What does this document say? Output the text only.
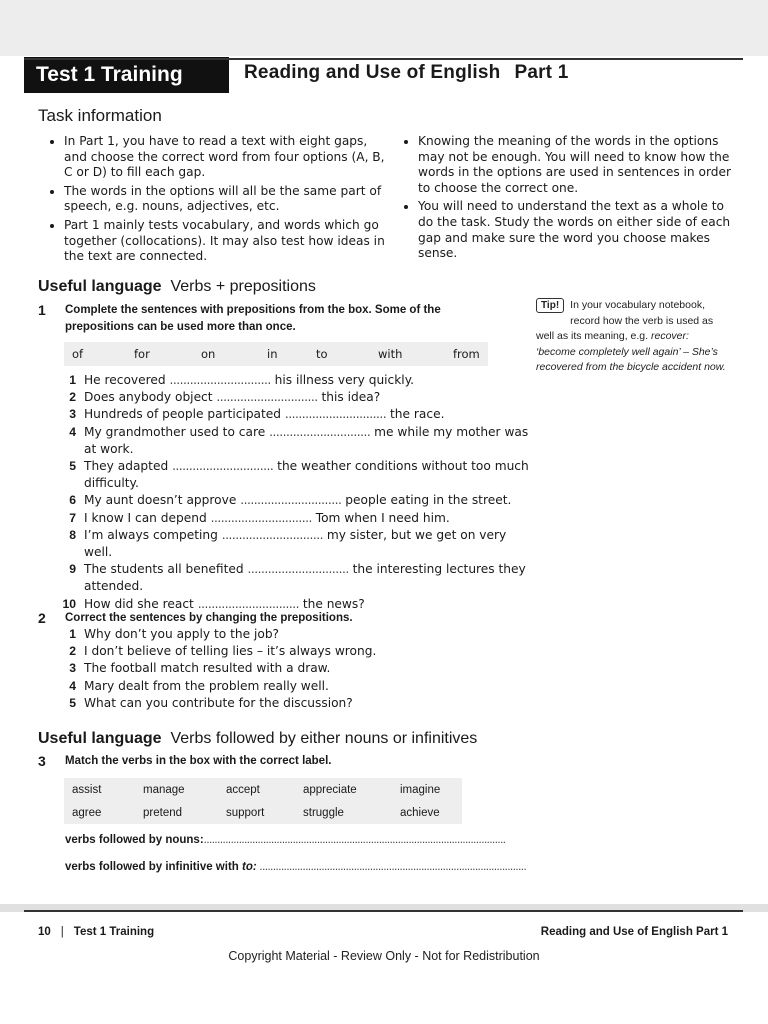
Test 1 Training	Reading and Use of English Part 1
Task information
• In Part 1, you have to read a text with eight gaps, and choose the correct word from four options (A, B, C or D) to fill each gap.
• The words in the options will all be the same part of speech, e.g. nouns, adjectives, etc.
• Part 1 mainly tests vocabulary, and words which go together (collocations). It may also test how ideas in the text are connected.
• Knowing the meaning of the words in the options may not be enough. You will need to know how the words in the options are used in sentences in order to choose the correct one.
• You will need to understand the text as a whole to do the task. Study the words on either side of each gap and make sure the word you choose makes sense.
Useful language Verbs + prepositions
1 Complete the sentences with prepositions from the box. Some of the prepositions can be used more than once.
of	for	on	in	to	with	from
1 He recovered .............................. his illness very quickly.
2 Does anybody object .............................. this idea?
3 Hundreds of people participated .............................. the race.
4 My grandmother used to care .............................. me while my mother was at work.
5 They adapted .............................. the weather conditions without too much difficulty.
6 My aunt doesn’t approve .............................. people eating in the street.
7 I know I can depend .............................. Tom when I need him.
8 I’m always competing .............................. my sister, but we get on very well.
9 The students all benefited .............................. the interesting lectures they attended.
10 How did she react .............................. the news?
Tip!	In your vocabulary notebook, record how the verb is used as well as its meaning, e.g. recover: ‘become completely well again’ – She’s recovered from the bicycle accident now.
2 Correct the sentences by changing the prepositions.
1 Why don’t you apply to the job?
2 I don’t believe of telling lies – it’s always wrong.
3 The football match resulted with a draw.
4 Mary dealt from the problem really well.
5 What can you contribute for the discussion?
Useful language Verbs followed by either nouns or infinitives
3 Match the verbs in the box with the correct label.
assist	manage	accept	appreciate	imagine
agree	pretend	support	struggle	achieve
verbs followed by nouns:................................................................................................................
verbs followed by infinitive with to: ...................................................................................................
10 | Test 1 Training	Reading and Use of English Part 1
Copyright Material - Review Only - Not for Redistribution
